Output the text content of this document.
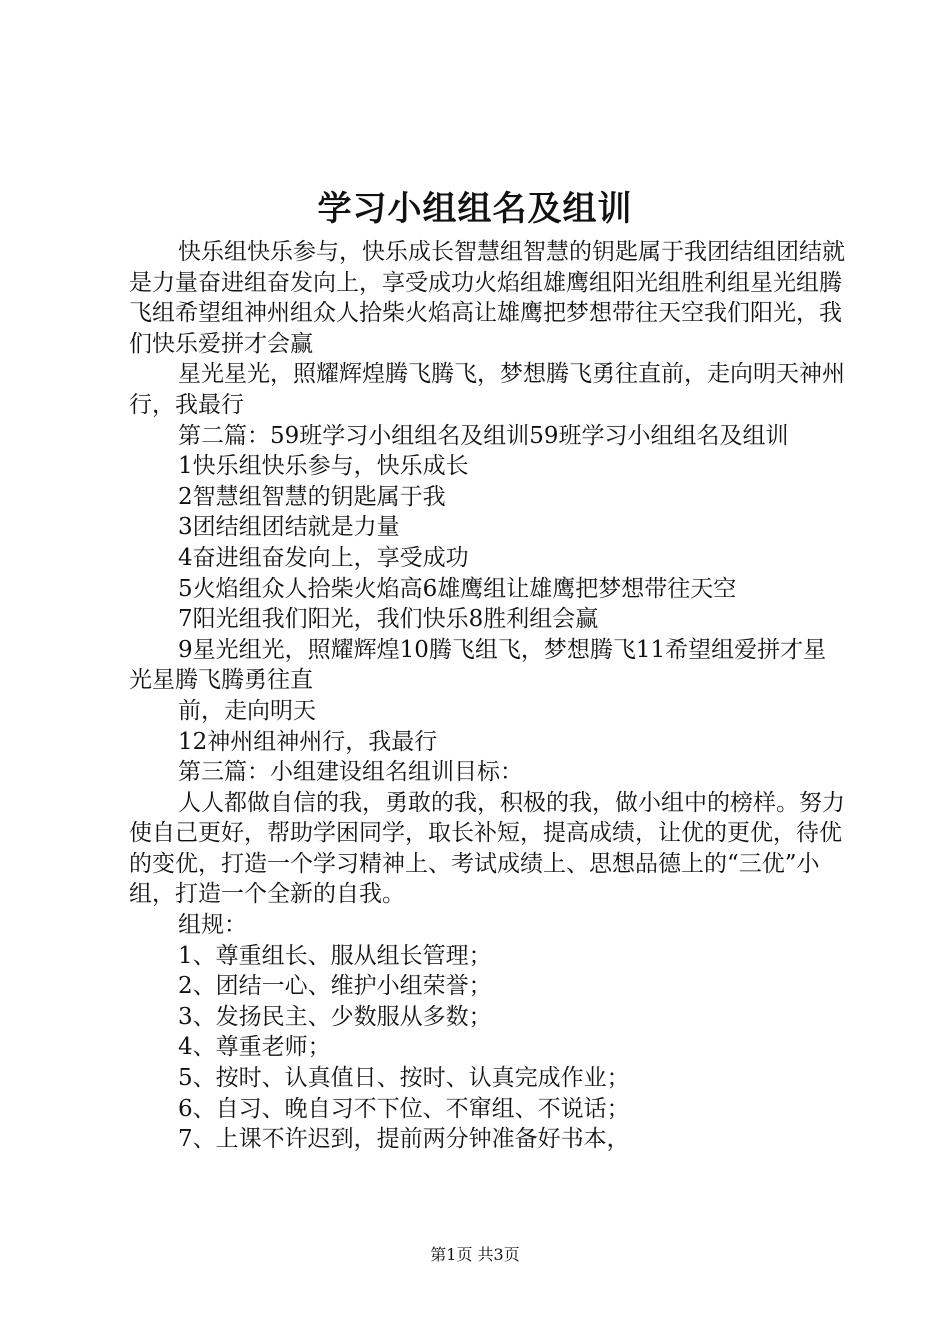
学习小组组名及组训

快乐组快乐参与，快乐成长智慧组智慧的钥匙属于我团结组团结就是力量奋进组奋发向上，享受成功火焰组雄鹰组阳光组胜利组星光组腾飞组希望组神州组众人拾柴火焰高让雄鹰把梦想带往天空我们阳光，我们快乐爱拼才会赢

星光星光，照耀辉煌腾飞腾飞，梦想腾飞勇往直前，走向明天神州行，我最行

第二篇：59班学习小组组名及组训59班学习小组组名及组训

1快乐组快乐参与，快乐成长

2智慧组智慧的钥匙属于我

3团结组团结就是力量

4奋进组奋发向上，享受成功

5火焰组众人拾柴火焰高6雄鹰组让雄鹰把梦想带往天空

7阳光组我们阳光，我们快乐8胜利组会赢

9星光组光，照耀辉煌10腾飞组飞，梦想腾飞11希望组爱拼才星光星腾飞腾勇往直

前，走向明天

12神州组神州行，我最行

第三篇：小组建设组名组训目标：

人人都做自信的我，勇敢的我，积极的我，做小组中的榜样。努力使自己更好，帮助学困同学，取长补短，提高成绩，让优的更优，待优的变优，打造一个学习精神上、考试成绩上、思想品德上的“三优”小组，打造一个全新的自我。

组规：

1、尊重组长、服从组长管理；

2、团结一心、维护小组荣誉；

3、发扬民主、少数服从多数；

4、尊重老师；

5、按时、认真值日、按时、认真完成作业；

6、自习、晚自习不下位、不窜组、不说话；

7、上课不许迟到，提前两分钟准备好书本，

第1页 共3页
